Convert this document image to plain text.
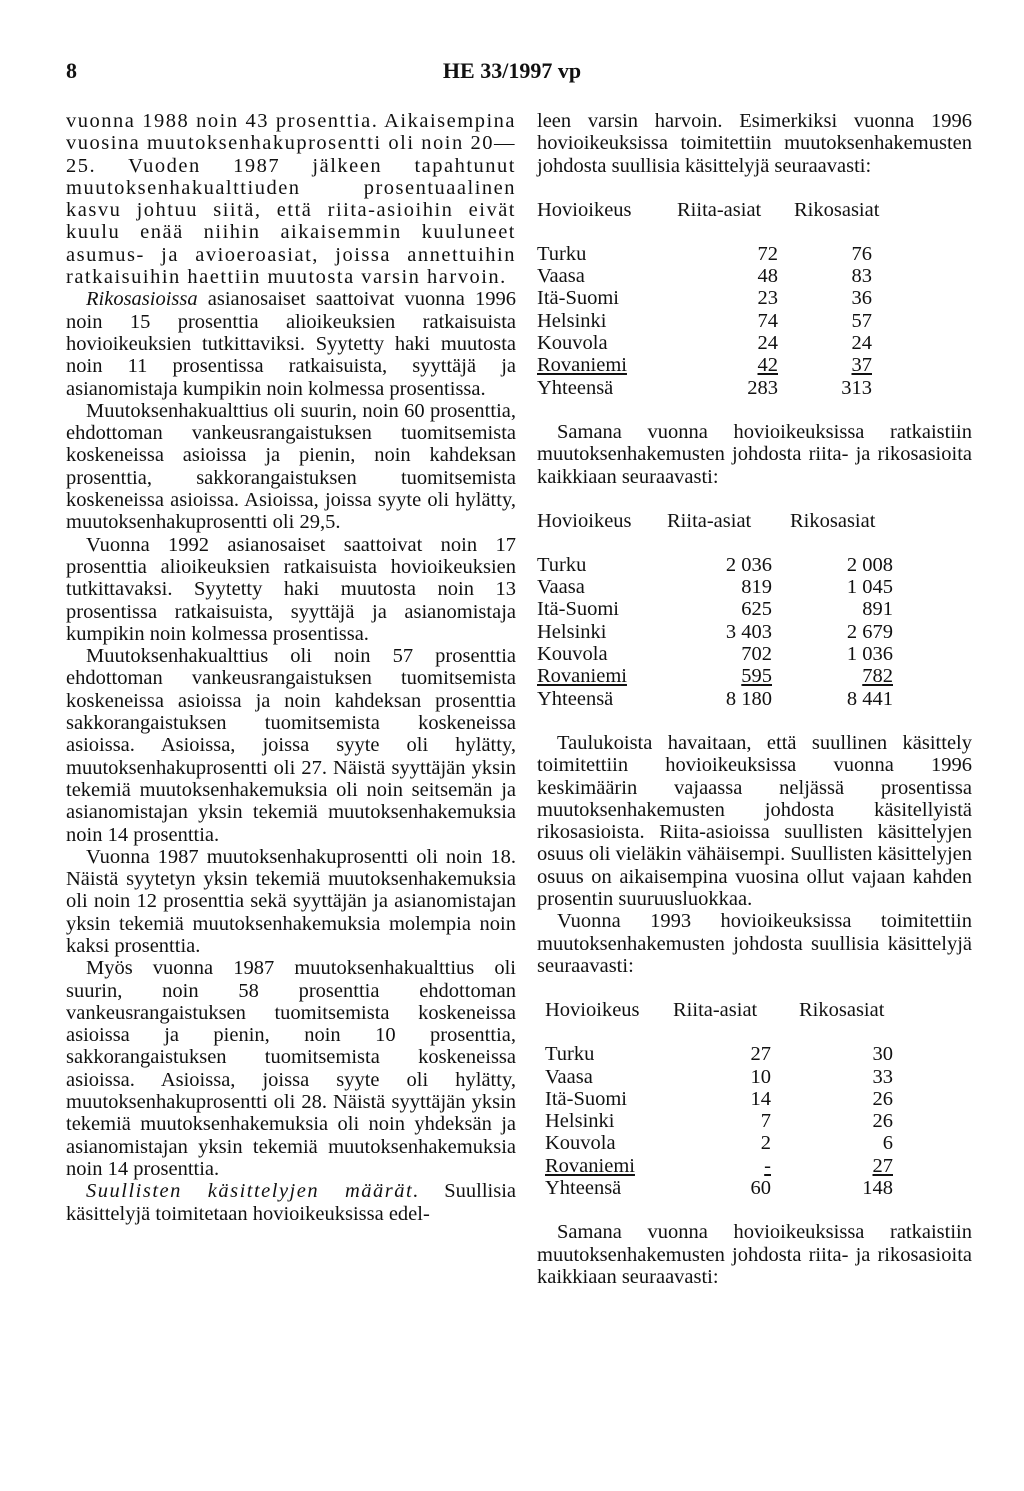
8	HE 33/1997 vp

vuonna 1988 noin 43 prosenttia. Aikaisempina vuosina muutoksenhakuprosentti oli noin 20—25. Vuoden 1987 jälkeen tapahtunut muutoksenhakualttiuden prosentuaalinen kasvu johtuu siitä, että riita-asioihin eivät kuulu enää niihin aikaisemmin kuuluneet asumus- ja avioeroasiat, joissa annettuihin ratkaisuihin haettiin muutosta varsin harvoin.

Rikosasioissa asianosaiset saattoivat vuonna 1996 noin 15 prosenttia alioikeuksien ratkaisuista hovioikeuksien tutkittaviksi. Syytetty haki muutosta noin 11 prosentissa ratkaisuista, syyttäjä ja asianomistaja kumpikin noin kolmessa prosentissa.

Muutoksenhakualttius oli suurin, noin 60 prosenttia, ehdottoman vankeusrangaistuksen tuomitsemista koskeneissa asioissa ja pienin, noin kahdeksan prosenttia, sakkorangaistuksen tuomitsemista koskeneissa asioissa. Asioissa, joissa syyte oli hylätty, muutoksenhakuprosentti oli 29,5.

Vuonna 1992 asianosaiset saattoivat noin 17 prosenttia alioikeuksien ratkaisuista hovioikeuksien tutkittavaksi. Syytetty haki muutosta noin 13 prosentissa ratkaisuista, syyttäjä ja asianomistaja kumpikin noin kolmessa prosentissa.

Muutoksenhakualttius oli noin 57 prosenttia ehdottoman vankeusrangaistuksen tuomitsemista koskeneissa asioissa ja noin kahdeksan prosenttia sakkorangaistuksen tuomitsemista koskeneissa asioissa. Asioissa, joissa syyte oli hylätty, muutoksenhakuprosentti oli 27. Näistä syyttäjän yksin tekemiä muutoksenhakemuksia oli noin seitsemän ja asianomistajan yksin tekemiä muutoksenhakemuksia noin 14 prosenttia.

Vuonna 1987 muutoksenhakuprosentti oli noin 18. Näistä syytetyn yksin tekemiä muutoksenhakemuksia oli noin 12 prosenttia sekä syyttäjän ja asianomistajan yksin tekemiä muutoksenhakemuksia molempia noin kaksi prosenttia.

Myös vuonna 1987 muutoksenhakualttius oli suurin, noin 58 prosenttia ehdottoman vankeusrangaistuksen tuomitsemista koskeneissa asioissa ja pienin, noin 10 prosenttia, sakkorangaistuksen tuomitsemista koskeneissa asioissa. Asioissa, joissa syyte oli hylätty, muutoksenhakuprosentti oli 28. Näistä syyttäjän yksin tekemiä muutoksenhakemuksia oli noin yhdeksän ja asianomistajan yksin tekemiä muutoksenhakemuksia noin 14 prosenttia.

Suullisten käsittelyjen määrät. Suullisia käsittelyjä toimitetaan hovioikeuksissa edel-

leen varsin harvoin. Esimerkiksi vuonna 1996 hovioikeuksissa toimitettiin muutoksenhakemusten johdosta suullisia käsittelyjä seuraavasti:

Hovioikeus	Riita-asiat	Rikosasiat
Turku	72	76
Vaasa	48	83
Itä-Suomi	23	36
Helsinki	74	57
Kouvola	24	24
Rovaniemi	42	37
Yhteensä	283	313

Samana vuonna hovioikeuksissa ratkaistiin muutoksenhakemusten johdosta riita- ja rikosasioita kaikkiaan seuraavasti:

Hovioikeus	Riita-asiat	Rikosasiat
Turku	2 036	2 008
Vaasa	819	1 045
Itä-Suomi	625	891
Helsinki	3 403	2 679
Kouvola	702	1 036
Rovaniemi	595	782
Yhteensä	8 180	8 441

Taulukoista havaitaan, että suullinen käsittely toimitettiin hovioikeuksissa vuonna 1996 keskimäärin vajaassa neljässä prosentissa muutoksenhakemusten johdosta käsitellyistä rikosasioista. Riita-asioissa suullisten käsittelyjen osuus oli vieläkin vähäisempi. Suullisten käsittelyjen osuus on aikaisempina vuosina ollut vajaan kahden prosentin suuruusluokkaa.

Vuonna 1993 hovioikeuksissa toimitettiin muutoksenhakemusten johdosta suullisia käsittelyjä seuraavasti:

Hovioikeus	Riita-asiat	Rikosasiat
Turku	27	30
Vaasa	10	33
Itä-Suomi	14	26
Helsinki	7	26
Kouvola	2	6
Rovaniemi	-	27
Yhteensä	60	148

Samana vuonna hovioikeuksissa ratkaistiin muutoksenhakemusten johdosta riita- ja rikosasioita kaikkiaan seuraavasti:
